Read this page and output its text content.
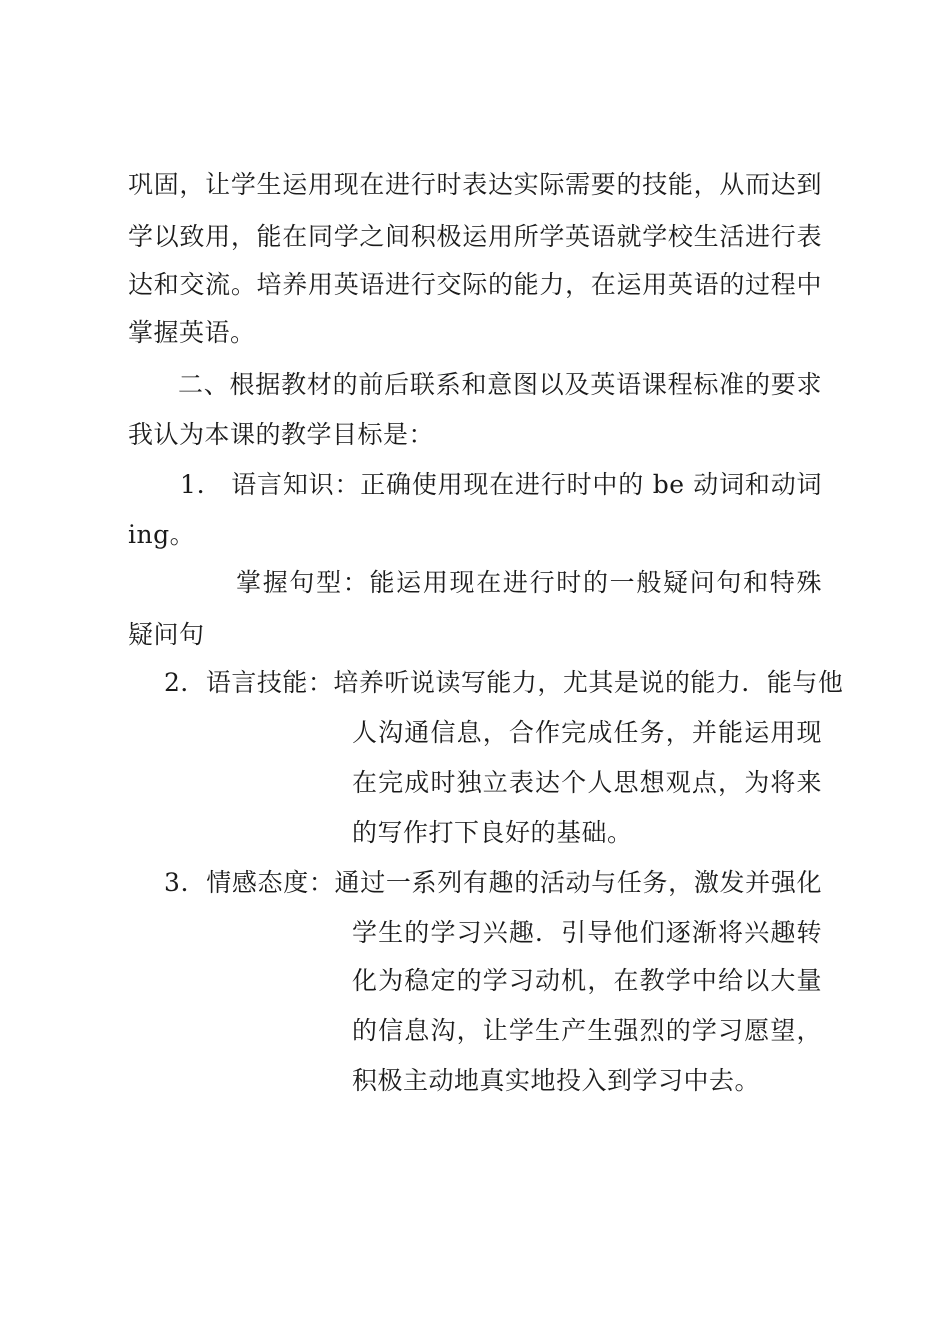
巩固，让学生运用现在进行时表达实际需要的技能，从而达到
学以致用，能在同学之间积极运用所学英语就学校生活进行表
达和交流。培养用英语进行交际的能力，在运用英语的过程中
掌握英语。
二、根据教材的前后联系和意图以及英语课程标准的要求
我认为本课的教学目标是：
1． 语言知识：正确使用现在进行时中的 be 动词和动词
ing。
掌握句型：能运用现在进行时的一般疑问句和特殊
疑问句
2．语言技能：培养听说读写能力，尤其是说的能力．能与他
人沟通信息，合作完成任务，并能运用现
在完成时独立表达个人思想观点，为将来
的写作打下良好的基础。
3．情感态度：通过一系列有趣的活动与任务，激发并强化
学生的学习兴趣．引导他们逐渐将兴趣转
化为稳定的学习动机，在教学中给以大量
的信息沟，让学生产生强烈的学习愿望，
积极主动地真实地投入到学习中去。
